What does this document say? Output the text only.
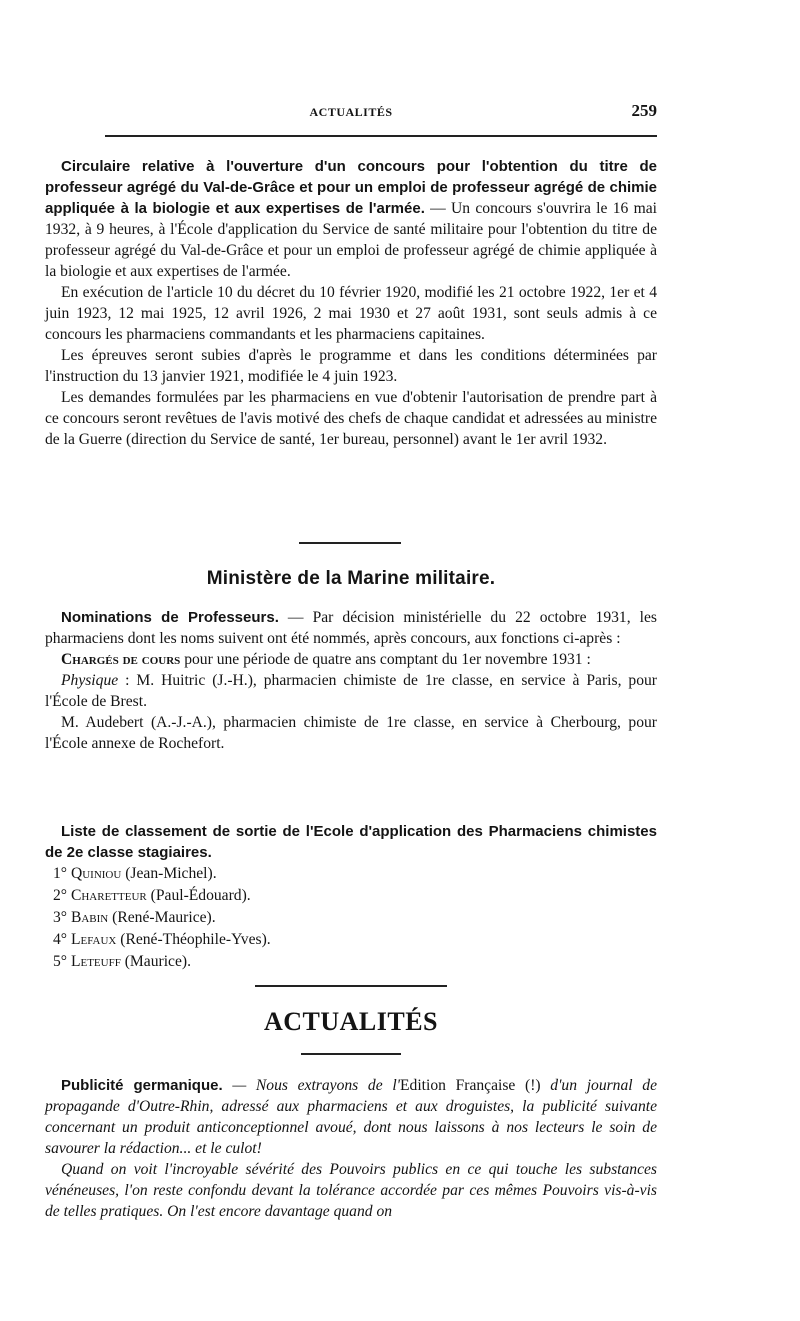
ACTUALITÉS	259

Circulaire relative à l'ouverture d'un concours pour l'obtention du titre de professeur agrégé du Val-de-Grâce et pour un emploi de professeur agrégé de chimie appliquée à la biologie et aux expertises de l'armée. — Un concours s'ouvrira le 16 mai 1932, à 9 heures, à l'École d'application du Service de santé militaire pour l'obtention du titre de professeur agrégé du Val-de-Grâce et pour un emploi de professeur agrégé de chimie appliquée à la biologie et aux expertises de l'armée.

En exécution de l'article 10 du décret du 10 février 1920, modifié les 21 octobre 1922, 1er et 4 juin 1923, 12 mai 1925, 12 avril 1926, 2 mai 1930 et 27 août 1931, sont seuls admis à ce concours les pharmaciens commandants et les pharmaciens capitaines.

Les épreuves seront subies d'après le programme et dans les conditions déterminées par l'instruction du 13 janvier 1921, modifiée le 4 juin 1923.

Les demandes formulées par les pharmaciens en vue d'obtenir l'autorisation de prendre part à ce concours seront revêtues de l'avis motivé des chefs de chaque candidat et adressées au ministre de la Guerre (direction du Service de santé, 1er bureau, personnel) avant le 1er avril 1932.

Ministère de la Marine militaire.

Nominations de Professeurs. — Par décision ministérielle du 22 octobre 1931, les pharmaciens dont les noms suivent ont été nommés, après concours, aux fonctions ci-après :

Chargés de cours pour une période de quatre ans comptant du 1er novembre 1931 :

Physique : M. Huitric (J.-H.), pharmacien chimiste de 1re classe, en service à Paris, pour l'École de Brest.

M. Audebert (A.-J.-A.), pharmacien chimiste de 1re classe, en service à Cherbourg, pour l'École annexe de Rochefort.

Liste de classement de sortie de l'Ecole d'application des Pharmaciens chimistes de 2e classe stagiaires.

1° Quiniou (Jean-Michel).
2° Charetteur (Paul-Édouard).
3° Babin (René-Maurice).
4° Lefaux (René-Théophile-Yves).
5° Leteuff (Maurice).
ACTUALITÉS

Publicité germanique. — Nous extrayons de l'Edition Française (!) d'un journal de propagande d'Outre-Rhin, adressé aux pharmaciens et aux droguistes, la publicité suivante concernant un produit anticonceptionnel avoué, dont nous laissons à nos lecteurs le soin de savourer la rédaction... et le culot!

Quand on voit l'incroyable sévérité des Pouvoirs publics en ce qui touche les substances vénéneuses, l'on reste confondu devant la tolérance accordée par ces mêmes Pouvoirs vis-à-vis de telles pratiques. On l'est encore davantage quand on
